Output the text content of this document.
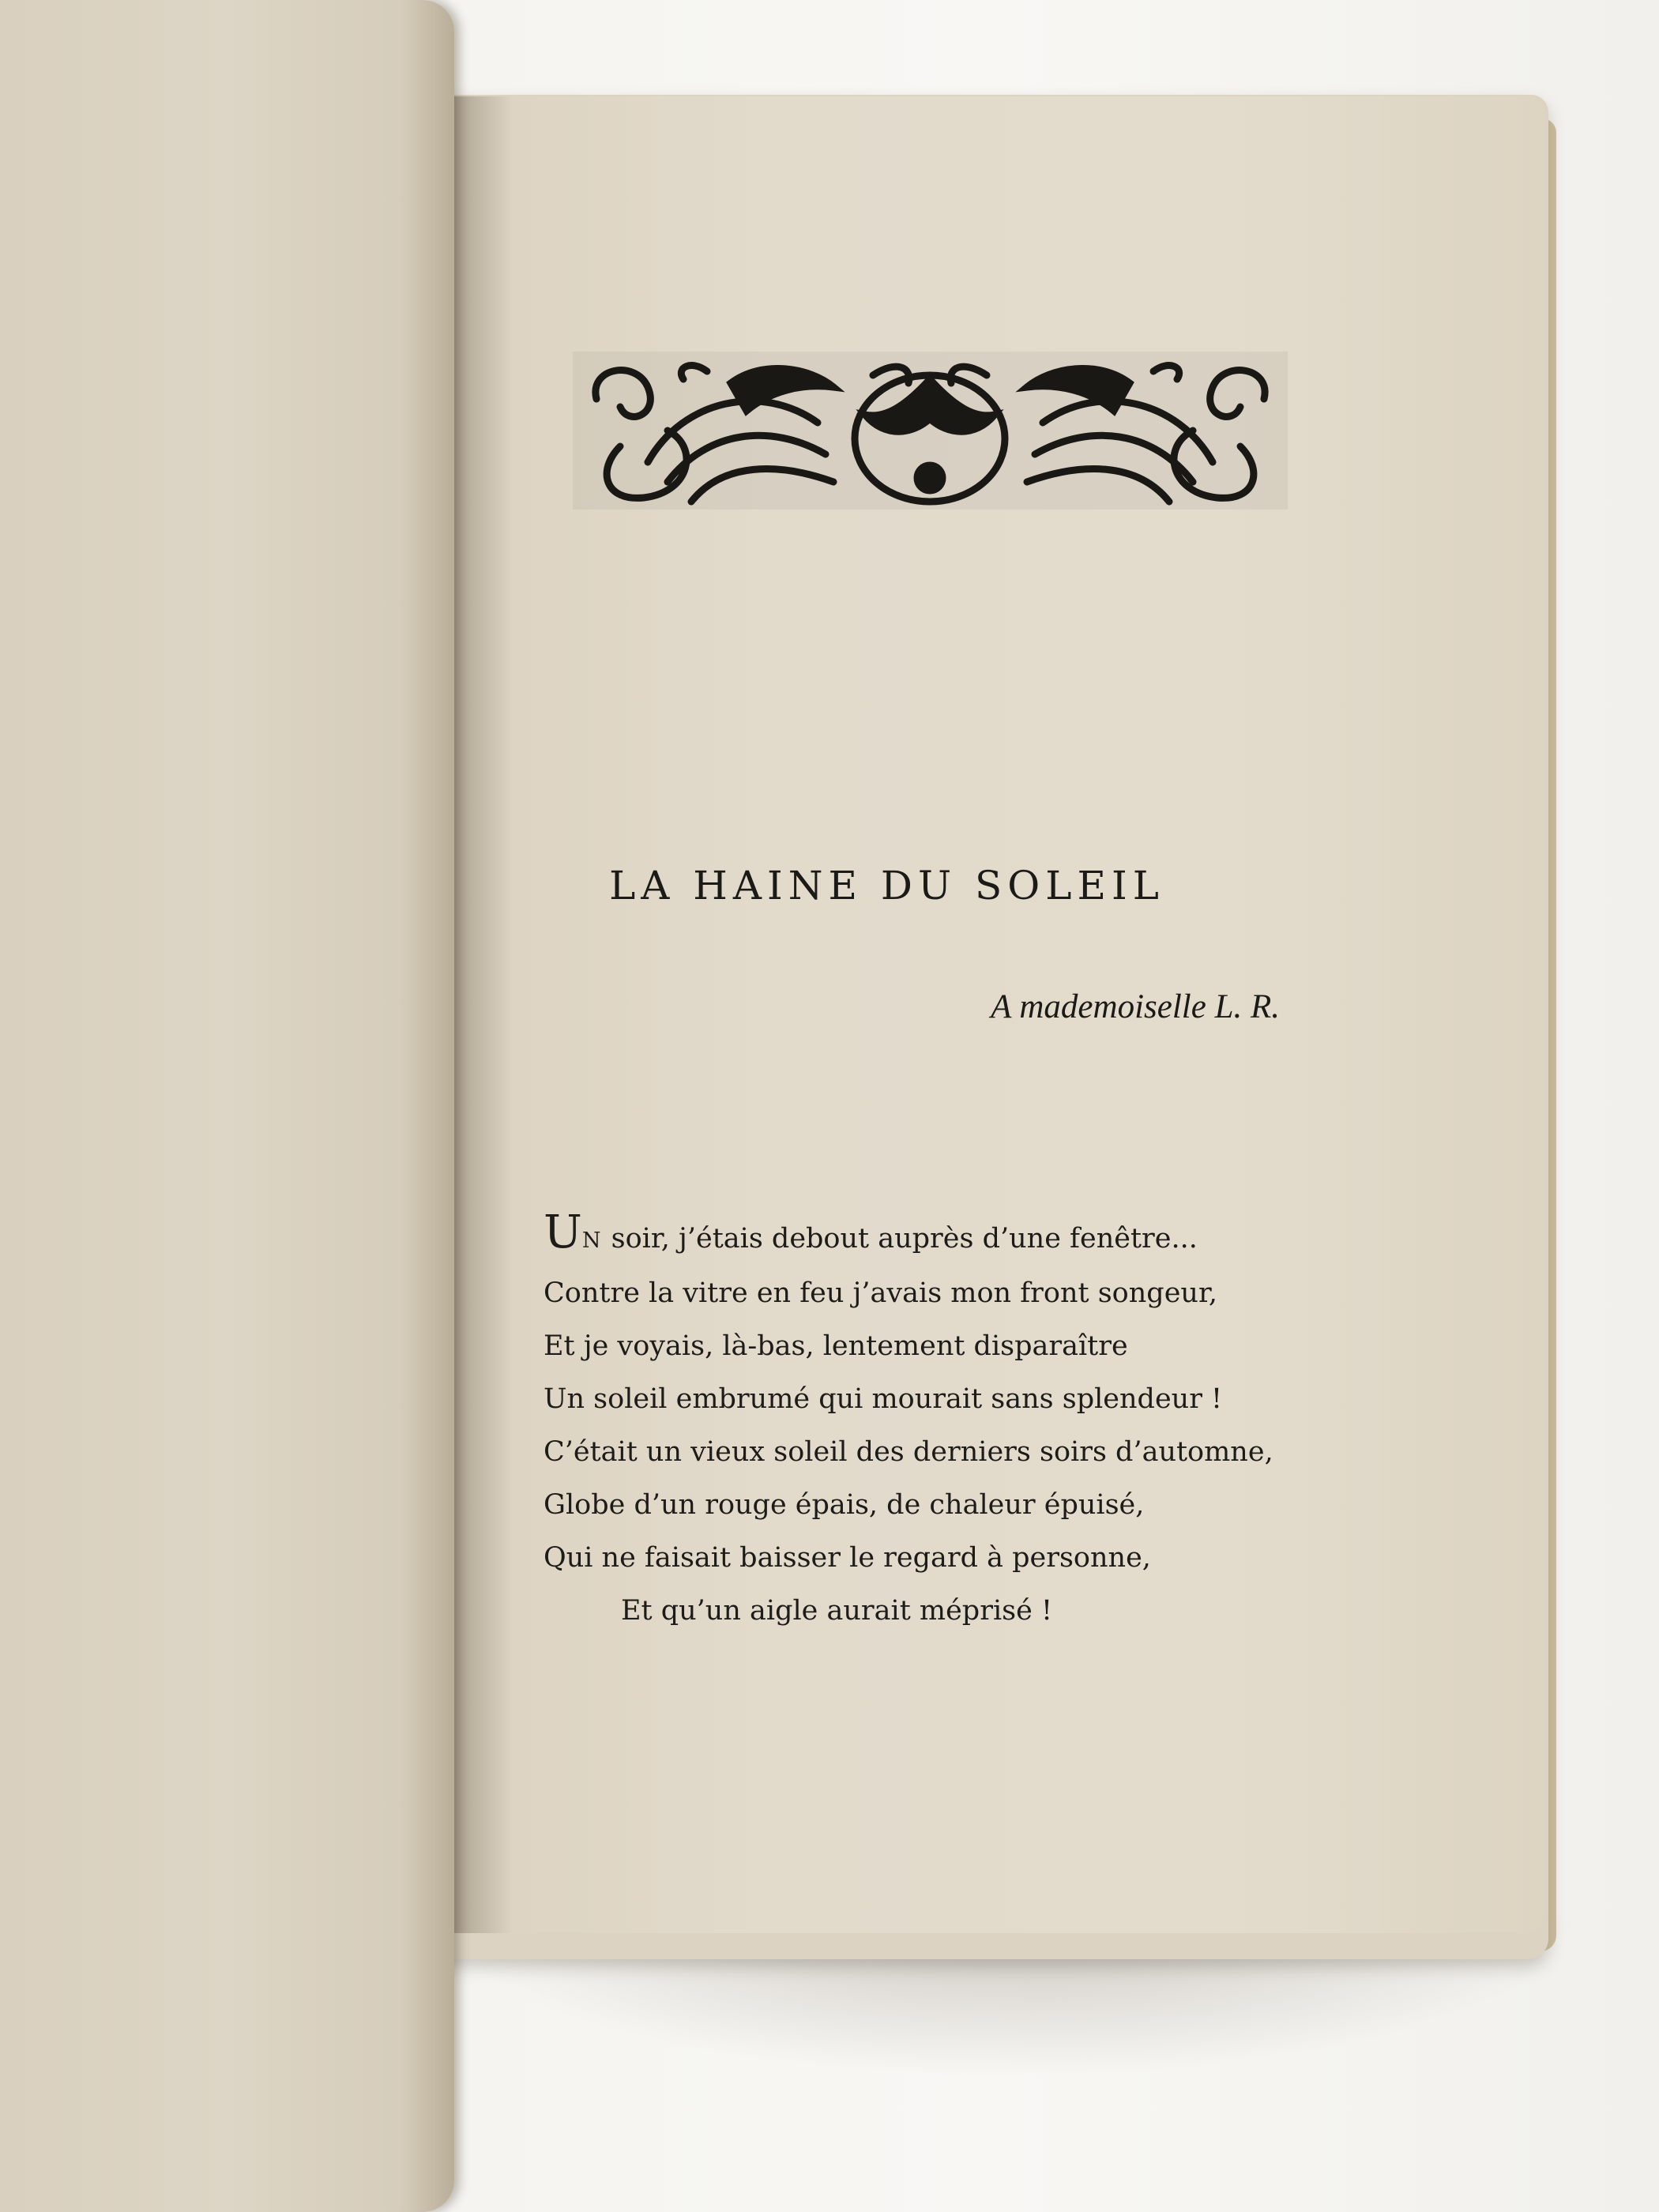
LA HAINE DU SOLEIL
A mademoiselle L. R.
UN soir, j’étais debout auprès d’une fenêtre...
Contre la vitre en feu j’avais mon front songeur,
Et je voyais, là-bas, lentement disparaître
Un soleil embrumé qui mourait sans splendeur !
C’était un vieux soleil des derniers soirs d’automne,
Globe d’un rouge épais, de chaleur épuisé,
Qui ne faisait baisser le regard à personne,
Et qu’un aigle aurait méprisé !
